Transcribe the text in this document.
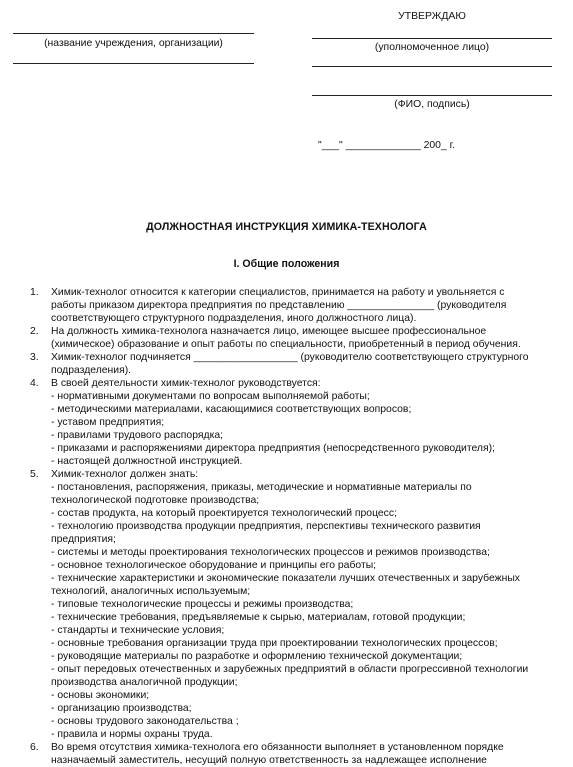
(название учреждения, организации)
УТВЕРЖДАЮ
(уполномоченное лицо)
(ФИО, подпись)
"___" _____________ 200_ г.
ДОЛЖНОСТНАЯ ИНСТРУКЦИЯ ХИМИКА-ТЕХНОЛОГА
I. Общие положения
1. Химик-технолог относится к категории специалистов, принимается на работу и увольняется с
работы приказом директора предприятия по представлению _______________ (руководителя
соответствующего структурного подразделения, иного должностного лица).
2. На должность химика-технолога назначается лицо, имеющее высшее профессиональное
(химическое) образование и опыт работы по специальности, приобретенный в период обучения.
3. Химик-технолог подчиняется __________________ (руководителю соответствующего структурного
подразделения).
4. В своей деятельности химик-технолог руководствуется:
- нормативными документами по вопросам выполняемой работы;
- методическими материалами, касающимися соответствующих вопросов;
- уставом предприятия;
- правилами трудового распорядка;
- приказами и распоряжениями директора предприятия (непосредственного руководителя);
- настоящей должностной инструкцией.
5. Химик-технолог должен знать:
- постановления, распоряжения, приказы, методические и нормативные материалы по
технологической подготовке производства;
- состав продукта, на который проектируется технологический процесс;
- технологию производства продукции предприятия, перспективы технического развития
предприятия;
- системы и методы проектирования технологических процессов и режимов производства;
- основное технологическое оборудование и принципы его работы;
- технические характеристики и экономические показатели лучших отечественных и зарубежных
технологий, аналогичных используемым;
- типовые технологические процессы и режимы производства;
- технические требования, предъявляемые к сырью, материалам, готовой продукции;
- стандарты и технические условия;
- основные требования организации труда при проектировании технологических процессов;
- руководящие материалы по разработке и оформлению технической документации;
- опыт передовых отечественных и зарубежных предприятий в области прогрессивной технологии
производства аналогичной продукции;
- основы экономики;
- организацию производства;
- основы трудового законодательства ;
- правила и нормы охраны труда.
6. Во время отсутствия химика-технолога его обязанности выполняет в установленном порядке
назначаемый заместитель, несущий полную ответственность за надлежащее исполнение
